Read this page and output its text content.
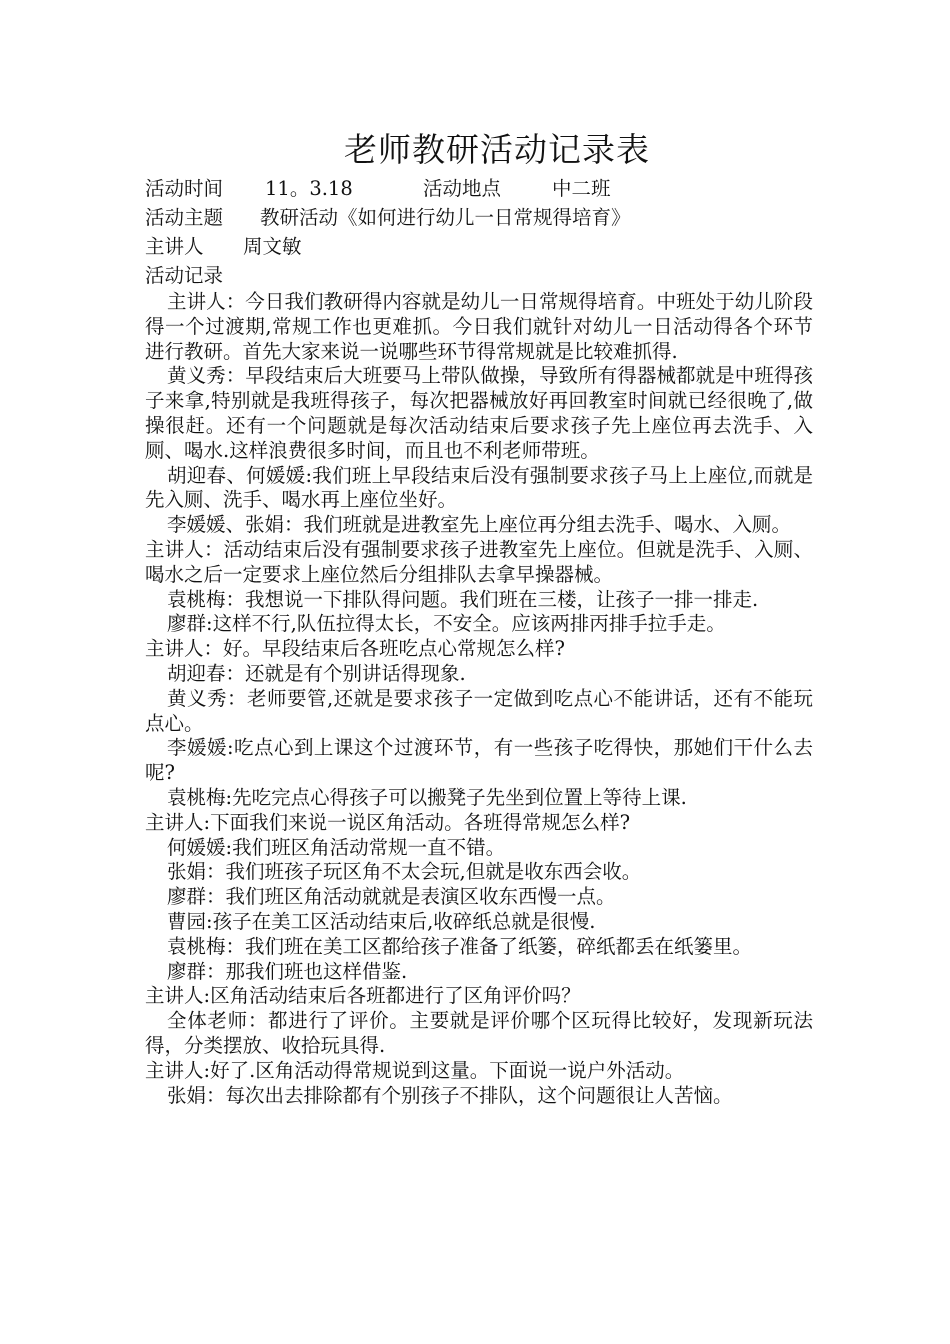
老师教研活动记录表
活动时间 11。3.18	活动地点	中二班
活动主题 教研活动《如何进行幼儿一日常规得培育》
主讲人 周文敏
活动记录

主讲人：今日我们教研得内容就是幼儿一日常规得培育。中班处于幼儿阶段得一个过渡期,常规工作也更难抓。今日我们就针对幼儿一日活动得各个环节进行教研。首先大家来说一说哪些环节得常规就是比较难抓得.

黄义秀：早段结束后大班要马上带队做操，导致所有得器械都就是中班得孩子来拿,特别就是我班得孩子，每次把器械放好再回教室时间就已经很晚了,做操很赶。还有一个问题就是每次活动结束后要求孩子先上座位再去洗手、入厕、喝水.这样浪费很多时间，而且也不利老师带班。

胡迎春、何媛媛:我们班上早段结束后没有强制要求孩子马上上座位,而就是先入厕、洗手、喝水再上座位坐好。

李媛媛、张娟：我们班就是进教室先上座位再分组去洗手、喝水、入厕。

主讲人：活动结束后没有强制要求孩子进教室先上座位。但就是洗手、入厕、喝水之后一定要求上座位然后分组排队去拿早操器械。

袁桃梅：我想说一下排队得问题。我们班在三楼，让孩子一排一排走.

廖群:这样不行,队伍拉得太长，不安全。应该两排丙排手拉手走。

主讲人：好。早段结束后各班吃点心常规怎么样?

胡迎春：还就是有个别讲话得现象.

黄义秀：老师要管,还就是要求孩子一定做到吃点心不能讲话，还有不能玩点心。

李媛媛:吃点心到上课这个过渡环节，有一些孩子吃得快，那她们干什么去呢?

袁桃梅:先吃完点心得孩子可以搬凳子先坐到位置上等待上课.

主讲人:下面我们来说一说区角活动。各班得常规怎么样?

何媛媛:我们班区角活动常规一直不错。

张娟：我们班孩子玩区角不太会玩,但就是收东西会收。

廖群：我们班区角活动就就是表演区收东西慢一点。

曹园:孩子在美工区活动结束后,收碎纸总就是很慢.

袁桃梅：我们班在美工区都给孩子准备了纸篓，碎纸都丢在纸篓里。

廖群：那我们班也这样借鉴.

主讲人:区角活动结束后各班都进行了区角评价吗？

全体老师：都进行了评价。主要就是评价哪个区玩得比较好，发现新玩法得，分类摆放、收拾玩具得.

主讲人:好了.区角活动得常规说到这量。下面说一说户外活动。

张娟：每次出去排除都有个别孩子不排队，这个问题很让人苦恼。
